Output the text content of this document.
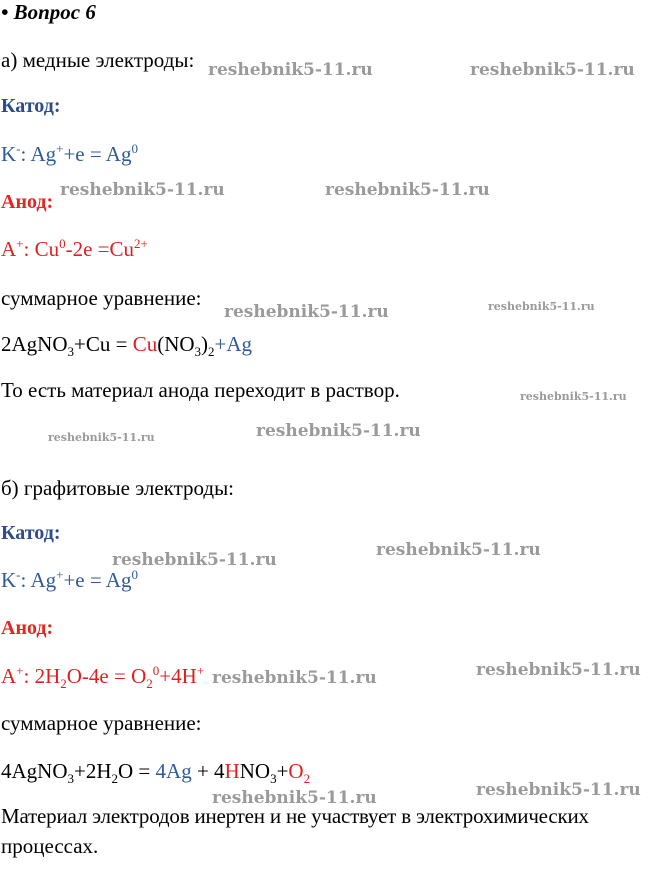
• Вопрос 6
а) медные электроды:
Катод:
K-: $Ag^++e = Ag^0$
Анод:
A+: $Cu^0-2e =Cu^{2+}$
суммарное уравнение:
2AgNO$_3$+Cu = $Cu(NO_3)_2+Ag$
То есть материал анода переходит в раствор.
б) графитовые электроды:
Катод:
K-: $Ag^++e = Ag^0$
Анод:
A+: $2H_2O-4e = O_2^0+4H^+$
суммарное уравнение:
$4AgNO_3+2H_2O = 4Ag + 4HNO_3+O_2$
Материал электродов инертен и не участвует в электрохимических
процессах.
reshebnik5-11.ru	reshebnik5-11.ru
reshebnik5-11.ru	reshebnik5-11.ru
reshebnik5-11.ru	reshebnik5-11.ru
reshebnik5-11.ru
reshebnik5-11.ru	reshebnik5-11.ru
reshebnik5-11.ru	reshebnik5-11.ru
reshebnik5-11.ru	reshebnik5-11.ru
reshebnik5-11.ru	reshebnik5-11.ru
